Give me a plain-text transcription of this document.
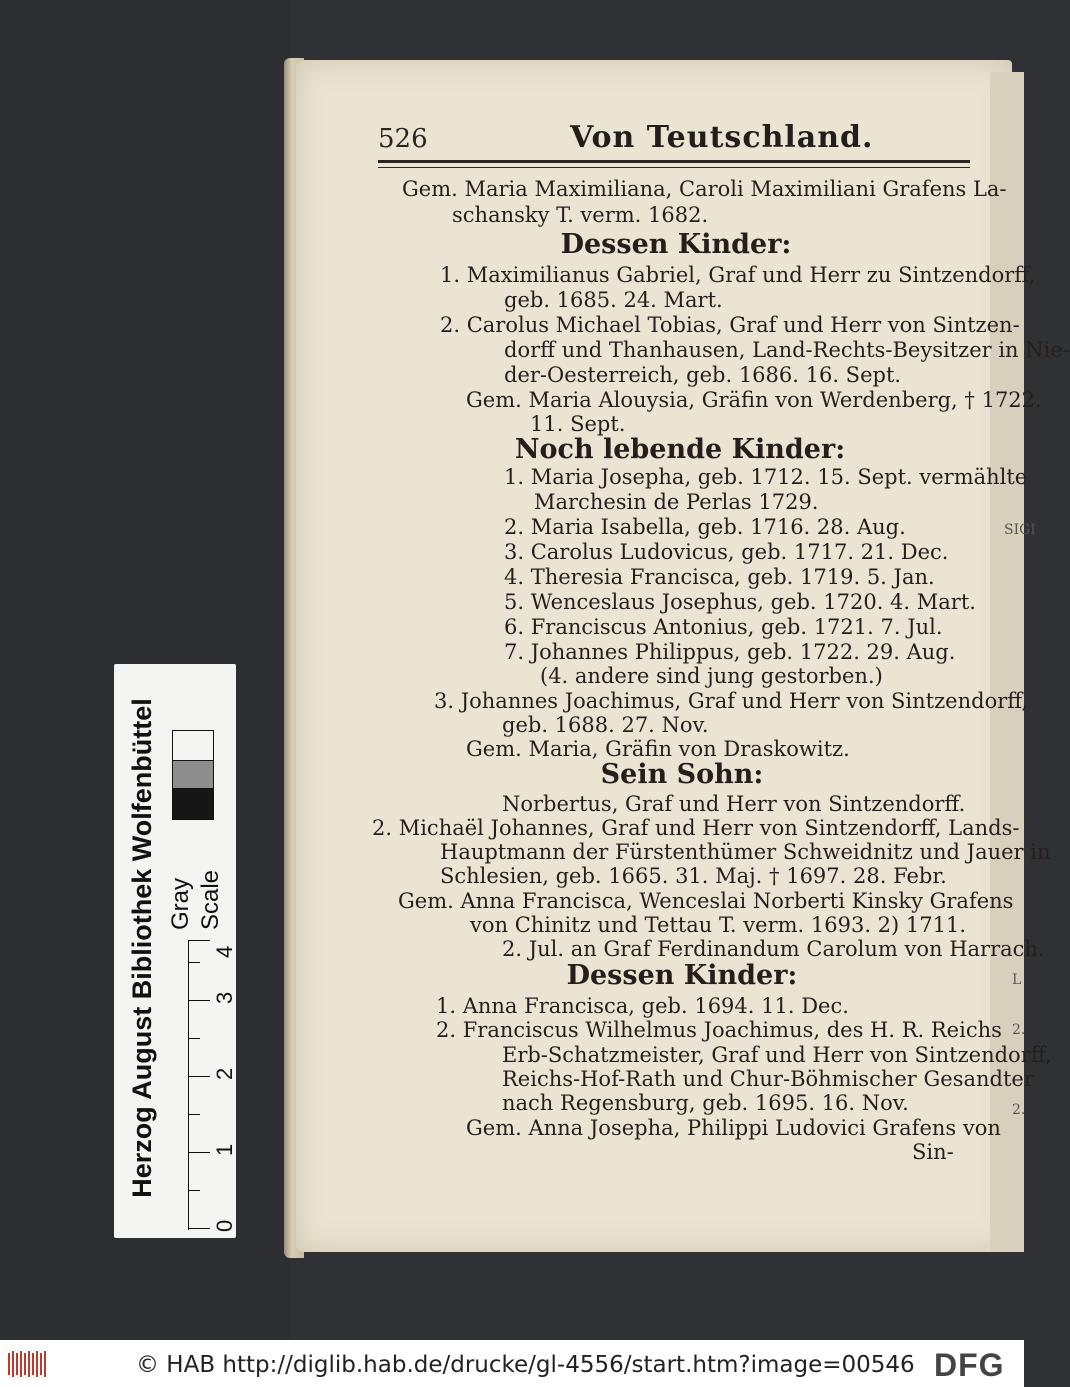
SIGI
L
2.
2.
526	Von Teutschland.
Gem. Maria Maximiliana, Caroli Maximiliani Grafens La-
schansky T. verm. 1682.
Dessen Kinder:
1. Maximilianus Gabriel, Graf und Herr zu Sintzendorff,
geb. 1685. 24. Mart.
2. Carolus Michael Tobias, Graf und Herr von Sintzen-
dorff und Thanhausen, Land-Rechts-Beysitzer in Nie-
der-Oesterreich, geb. 1686. 16. Sept.
Gem. Maria Alouysia, Gräfin von Werdenberg, † 1722.
11. Sept.
Noch lebende Kinder:
1. Maria Josepha, geb. 1712. 15. Sept. vermählte
Marchesin de Perlas 1729.
2. Maria Isabella, geb. 1716. 28. Aug.
3. Carolus Ludovicus, geb. 1717. 21. Dec.
4. Theresia Francisca, geb. 1719. 5. Jan.
5. Wenceslaus Josephus, geb. 1720. 4. Mart.
6. Franciscus Antonius, geb. 1721. 7. Jul.
7. Johannes Philippus, geb. 1722. 29. Aug.
(4. andere sind jung gestorben.)
3. Johannes Joachimus, Graf und Herr von Sintzendorff,
geb. 1688. 27. Nov.
Gem. Maria, Gräfin von Draskowitz.
Sein Sohn:
Norbertus, Graf und Herr von Sintzendorff.
2. Michaël Johannes, Graf und Herr von Sintzendorff, Lands-
Hauptmann der Fürstenthümer Schweidnitz und Jauer in
Schlesien, geb. 1665. 31. Maj. † 1697. 28. Febr.
Gem. Anna Francisca, Wenceslai Norberti Kinsky Grafens
von Chinitz und Tettau T. verm. 1693. 2) 1711.
2. Jul. an Graf Ferdinandum Carolum von Harrach.
Dessen Kinder:
1. Anna Francisca, geb. 1694. 11. Dec.
2. Franciscus Wilhelmus Joachimus, des H. R. Reichs
Erb-Schatzmeister, Graf und Herr von Sintzendorff,
Reichs-Hof-Rath und Chur-Böhmischer Gesandter
nach Regensburg, geb. 1695. 16. Nov.
Gem. Anna Josepha, Philippi Ludovici Grafens von
Sin-
Herzog August Bibliothek Wolfenbüttel Gray Scale
0
1
2
3
4
© HAB http://diglib.hab.de/drucke/gl-4556/start.htm?image=00546 DFG
